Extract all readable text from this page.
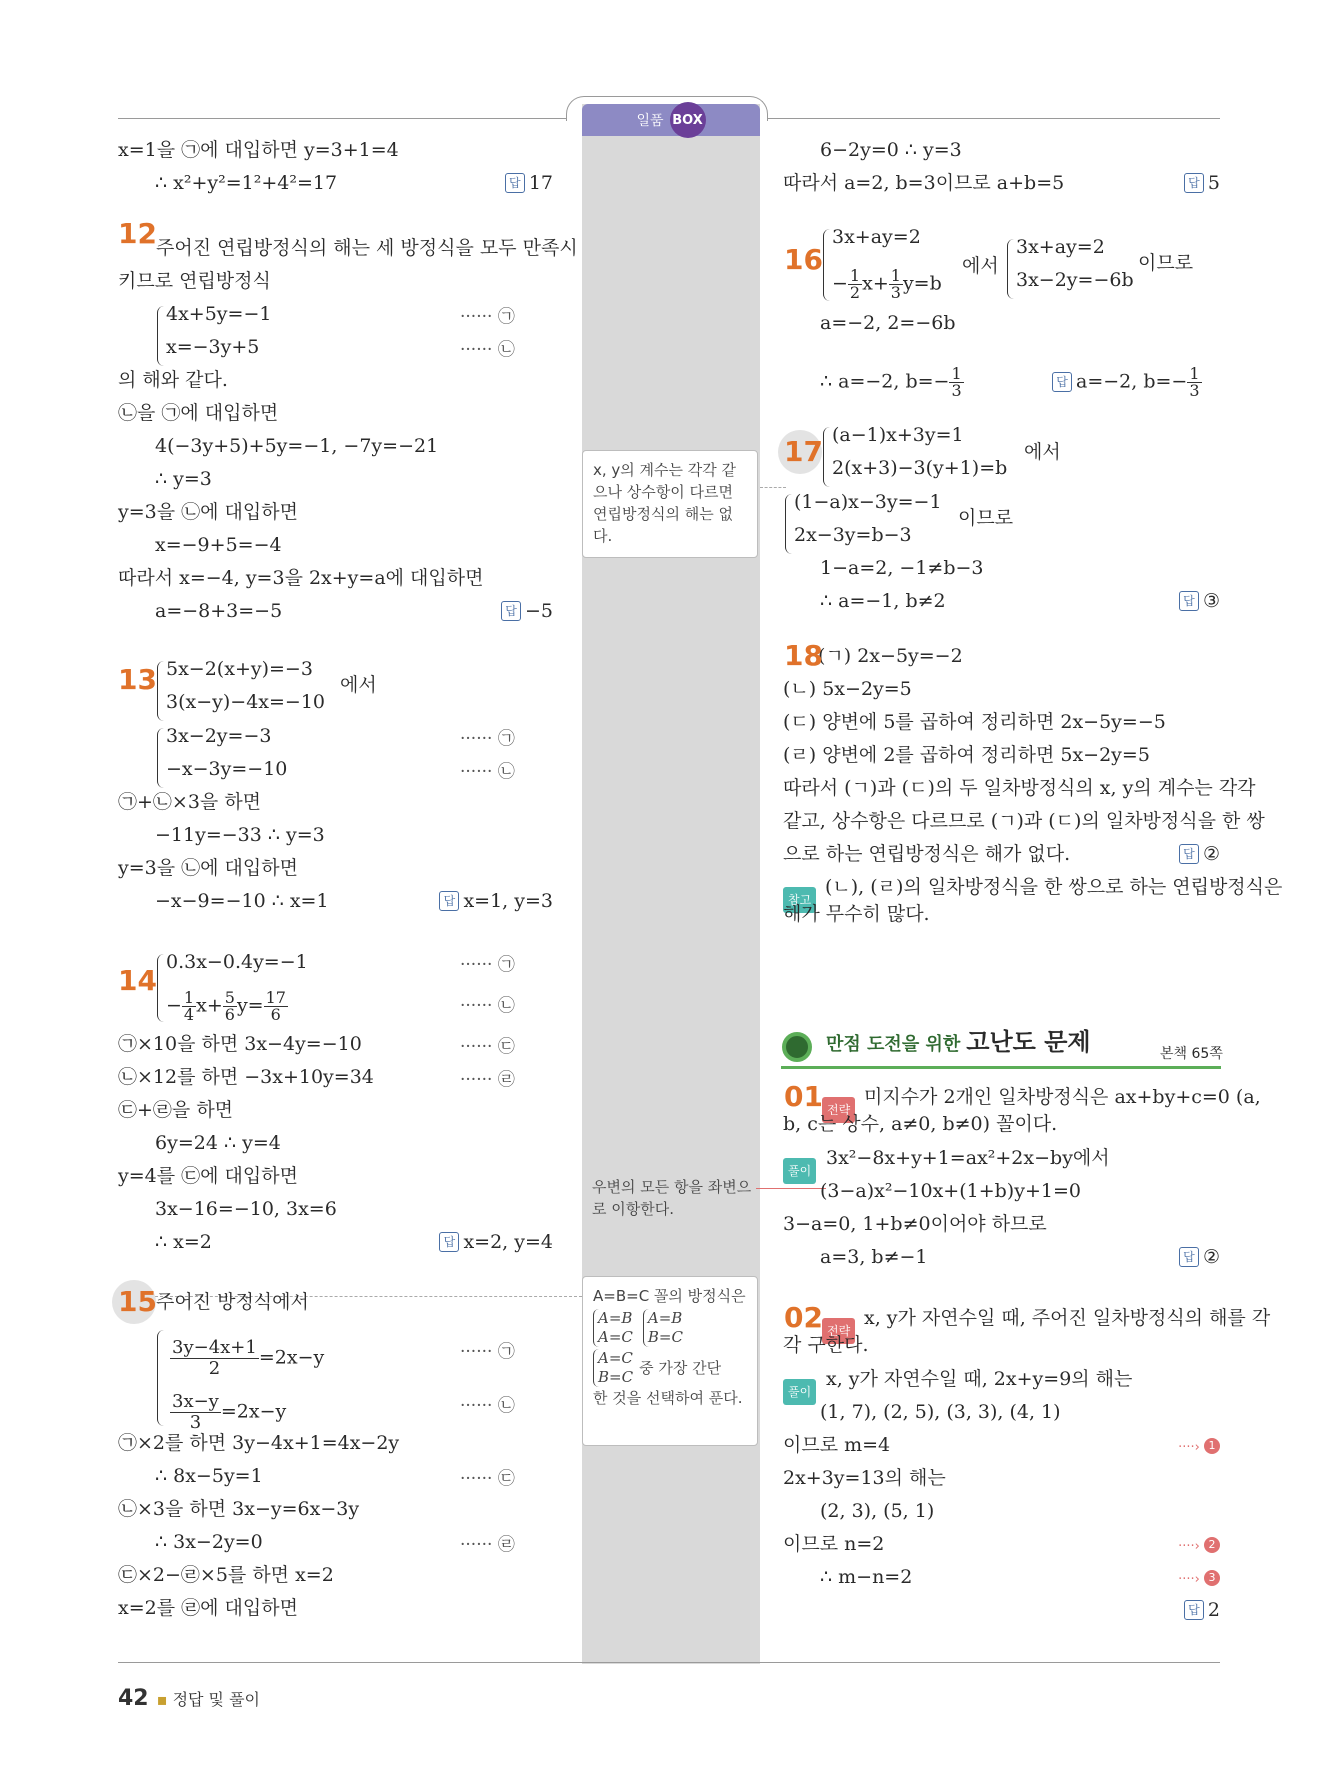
일품 BOX
− $\frac{1}{4} x+ \frac{5}{6} y= \frac{17}{6}$
$\frac{3y-4x+1}{2} =2x-y$
$\frac{3x-y}{3} =2x-y$
− $\frac{1}{2} x+ \frac{1}{3} y=b$
∴ a=−2, $b=- \frac{1}{3}$	답 a=−2, $b=- \frac{1}{3}$
x, y의 계수는 각각 같으나 상수항이 다르면 연립방정식의 해는 없다.
우변의 모든 항을 좌변으로 이항한다.
A=B=C 꼴의 방정식은
A=B
A=C
A=B
B=C
A=C
B=C 중 가장 간단
한 것을 선택하여 푼다.
참고
전략
풀이
전략
풀이
만점 도전을 위한 고난도 문제	본책 65쪽
42 ▪ 정답 및 풀이
x=1을 ㉠에 대입하면 y=3+1=4
∴ x²+y²=1²+4²=17
주어진 연립방정식의 해는 세 방정식을 모두 만족시
키므로 연립방정식
4x+5y=−1
x=−3y+5
의 해와 같다.
㉡을 ㉠에 대입하면
4(−3y+5)+5y=−1, −7y=−21
∴ y=3
y=3을 ㉡에 대입하면
x=−9+5=−4
따라서 x=−4, y=3을 2x+y=a에 대입하면
a=−8+3=−5
5x−2(x+y)=−3
3(x−y)−4x=−10
에서
3x−2y=−3
−x−3y=−10
㉠+㉡×3을 하면
−11y=−33 ∴ y=3
y=3을 ㉡에 대입하면
−x−9=−10 ∴ x=1
0.3x−0.4y=−1
㉠×10을 하면 3x−4y=−10
㉡×12를 하면 −3x+10y=34
㉢+㉣을 하면
6y=24 ∴ y=4
y=4를 ㉢에 대입하면
3x−16=−10, 3x=6
∴ x=2
주어진 방정식에서
㉠×2를 하면 3y−4x+1=4x−2y
∴ 8x−5y=1
㉡×3을 하면 3x−y=6x−3y
∴ 3x−2y=0
㉢×2−㉣×5를 하면 x=2
x=2를 ㉣에 대입하면
6−2y=0 ∴ y=3
따라서 a=2, b=3이므로 a+b=5
3x+ay=2
에서
3x+ay=2
3x−2y=−6b
이므로
a=−2, 2=−6b
(a−1)x+3y=1
2(x+3)−3(y+1)=b
에서
(1−a)x−3y=−1
2x−3y=b−3
이므로
1−a=2, −1≠b−3
∴ a=−1, b≠2
(ㄱ) 2x−5y=−2
(ㄴ) 5x−2y=5
(ㄷ) 양변에 5를 곱하여 정리하면 2x−5y=−5
(ㄹ) 양변에 2를 곱하여 정리하면 5x−2y=5
따라서 (ㄱ)과 (ㄷ)의 두 일차방정식의 x, y의 계수는 각각
같고, 상수항은 다르므로 (ㄱ)과 (ㄷ)의 일차방정식을 한 쌍
으로 하는 연립방정식은 해가 없다.
(ㄴ), (ㄹ)의 일차방정식을 한 쌍으로 하는 연립방정식은
해가 무수히 많다.
미지수가 2개인 일차방정식은 ax+by+c=0 (a,
b, c는 상수, a≠0, b≠0) 꼴이다.
3x²−8x+y+1=ax²+2x−by에서
(3−a)x²−10x+(1+b)y+1=0
3−a=0, 1+b≠0이어야 하므로
a=3, b≠−1
x, y가 자연수일 때, 주어진 일차방정식의 해를 각
각 구한다.
x, y가 자연수일 때, 2x+y=9의 해는
(1, 7), (2, 5), (3, 3), (4, 1)
이므로 m=4
2x+3y=13의 해는
(2, 3), (5, 1)
이므로 n=2
∴ m−n=2
······ ㉠
······ ㉡
······ ㉠
······ ㉡
······ ㉠
······ ㉡
······ ㉢
······ ㉣
······ ㉠
······ ㉡
······ ㉢
······ ㉣
12
13
14
15
16
17
18
01
02
답 17
답 −5
답 x=1, y=3
답 x=2, y=4
답 5
답 ③
답 ②
답 ②
답 2
····› 1
····› 2
····› 3
